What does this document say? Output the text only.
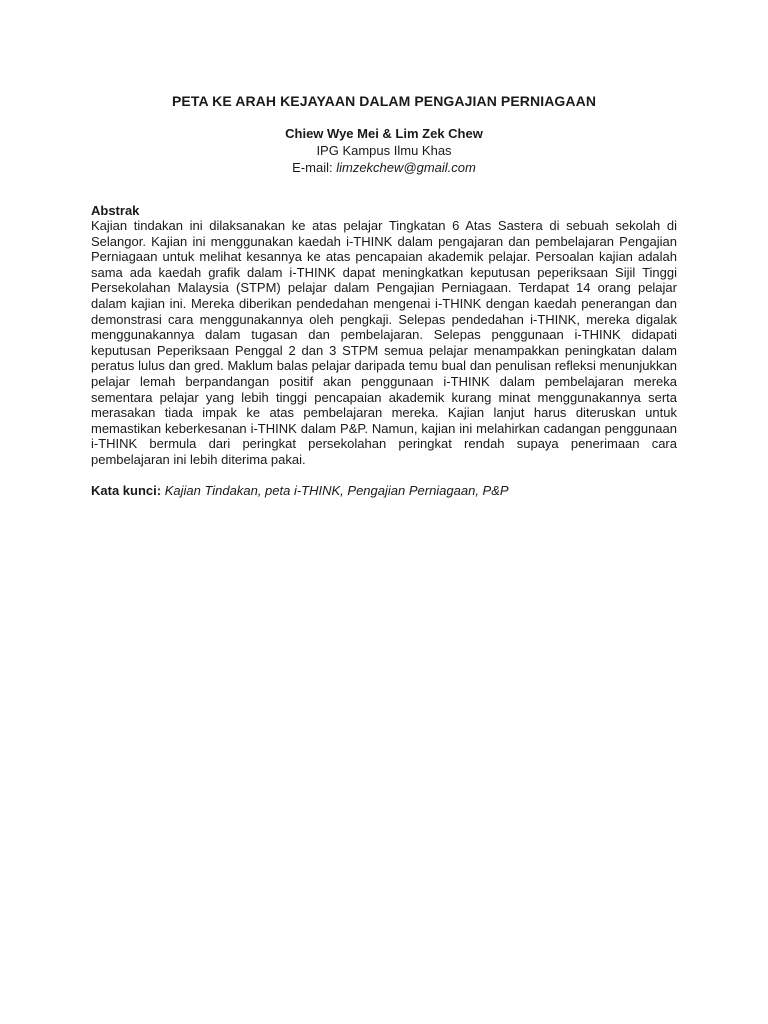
PETA KE ARAH KEJAYAAN DALAM PENGAJIAN PERNIAGAAN
Chiew Wye Mei & Lim Zek Chew
IPG Kampus Ilmu Khas
E-mail: limzekchew@gmail.com
Abstrak

Kajian tindakan ini dilaksanakan ke atas pelajar Tingkatan 6 Atas Sastera di sebuah sekolah di Selangor. Kajian ini menggunakan kaedah i-THINK dalam pengajaran dan pembelajaran Pengajian Perniagaan untuk melihat kesannya ke atas pencapaian akademik pelajar. Persoalan kajian adalah sama ada kaedah grafik dalam i-THINK dapat meningkatkan keputusan peperiksaan Sijil Tinggi Persekolahan Malaysia (STPM) pelajar dalam Pengajian Perniagaan. Terdapat 14 orang pelajar dalam kajian ini. Mereka diberikan pendedahan mengenai i-THINK dengan kaedah penerangan dan demonstrasi cara menggunakannya oleh pengkaji. Selepas pendedahan i-THINK, mereka digalak menggunakannya dalam tugasan dan pembelajaran. Selepas penggunaan i-THINK didapati keputusan Peperiksaan Penggal 2 dan 3 STPM semua pelajar menampakkan peningkatan dalam peratus lulus dan gred. Maklum balas pelajar daripada temu bual dan penulisan refleksi menunjukkan pelajar lemah berpandangan positif akan penggunaan i-THINK dalam pembelajaran mereka sementara pelajar yang lebih tinggi pencapaian akademik kurang minat menggunakannya serta merasakan tiada impak ke atas pembelajaran mereka. Kajian lanjut harus diteruskan untuk memastikan keberkesanan i-THINK dalam P&P. Namun, kajian ini melahirkan cadangan penggunaan i-THINK bermula dari peringkat persekolahan peringkat rendah supaya penerimaan cara pembelajaran ini lebih diterima pakai.

Kata kunci: Kajian Tindakan, peta i-THINK, Pengajian Perniagaan, P&P
